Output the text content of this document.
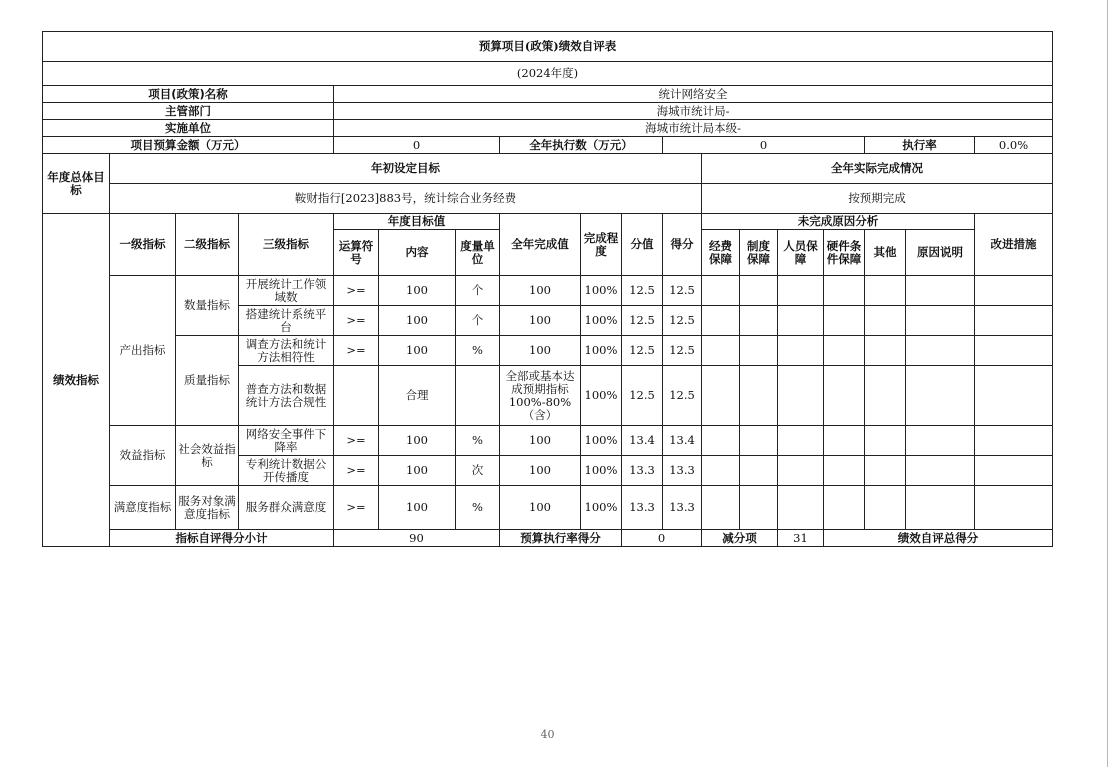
预算项目(政策)绩效自评表																		
(2024年度)																		
项目(政策)名称				统计网络安全														
主管部门				海城市统计局-														
实施单位				海城市统计局本级-														
项目预算金额（万元）				0			全年执行数（万元）			0					执行率		0.0%	
年度总体目标	年初设定目标										全年实际完成情况							
	鞍财指行[2023]883号，统计综合业务经费										按预期完成							
绩效指标	一级指标	二级指标	三级指标	年度目标值			全年完成值	完成程度	分值	得分	未完成原因分析						改进措施	
				运算符号	内容	度量单位					经费保障	制度保障	人员保障	硬件条件保障	其他	原因说明		
	产出指标	数量指标	开展统计工作领域数	>=	100	个	100	100%	12.5	12.5								
			搭建统计系统平台	>=	100	个	100	100%	12.5	12.5								
		质量指标	调查方法和统计方法相符性	>=	100	%	100	100%	12.5	12.5								
			普查方法和数据统计方法合规性		合理		全部或基本达成预期指标100%-80%（含）	100%	12.5	12.5								
	效益指标	社会效益指标	网络安全事件下降率	>=	100	%	100	100%	13.4	13.4								
			专利统计数据公开传播度	>=	100	次	100	100%	13.3	13.3								
	满意度指标	服务对象满意度指标	服务群众满意度	>=	100	%	100	100%	13.3	13.3								
	指标自评得分小计			90			预算执行率得分		0		减分项		31	绩效自评总得分	
40
